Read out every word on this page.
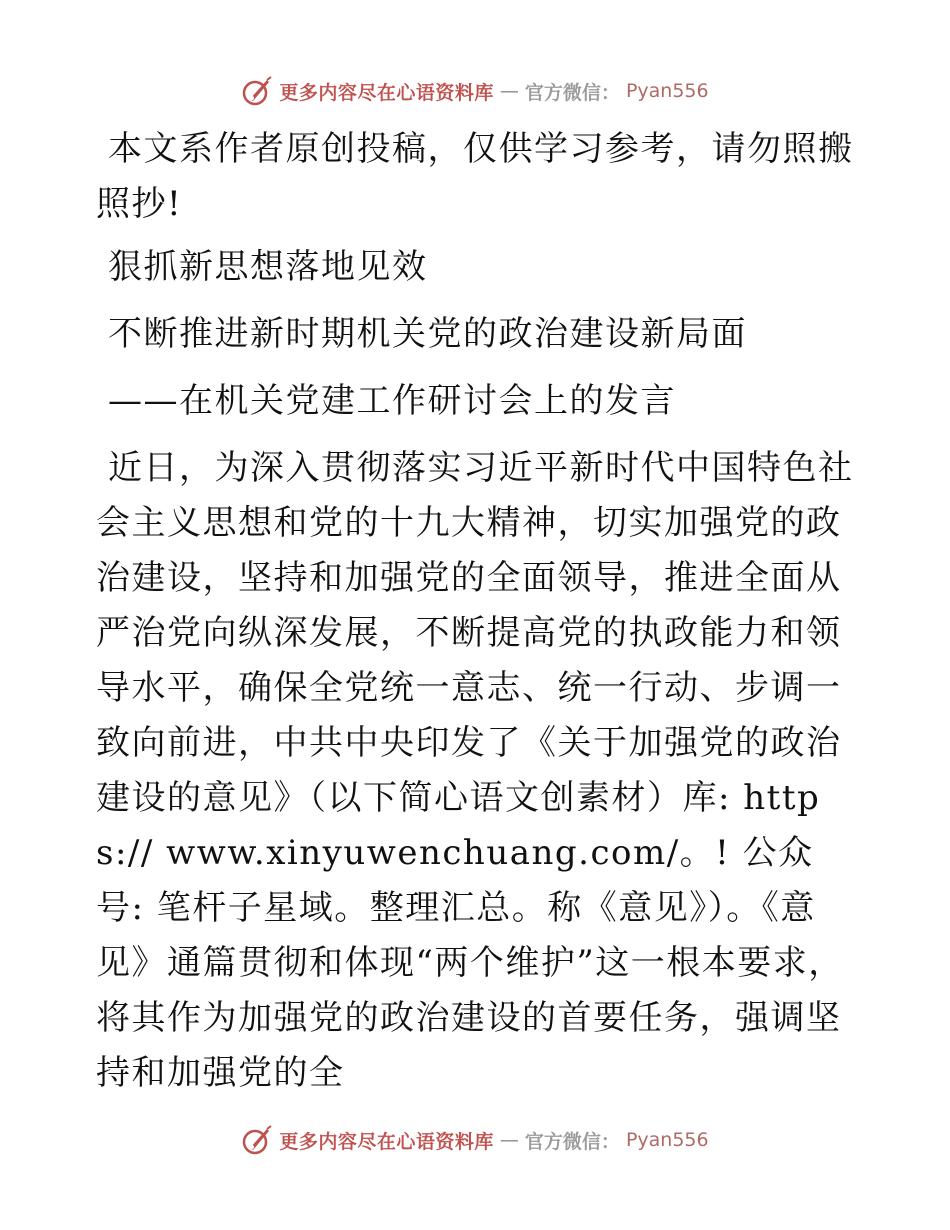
更多内容尽在心语资料库 — 官方微信： Pyan556

本文系作者原创投稿，仅供学习参考，请勿照搬照抄!

狠抓新思想落地见效

不断推进新时期机关党的政治建设新局面

——在机关党建工作研讨会上的发言

近日，为深入贯彻落实习近平新时代中国特色社会主义思想和党的十九大精神，切实加强党的政治建设，坚持和加强党的全面领导，推进全面从严治党向纵深发展，不断提高党的执政能力和领导水平，确保全党统一意志、统一行动、步调一致向前进，中共中央印发了《关于加强党的政治建设的意见》（以下简心语文创素材）库: https:// www.xinyuwenchuang.com/。! 公众号: 笔杆子星域。整理汇总。称《意见》）。《意见》通篇贯彻和体现“两个维护”这一根本要求，将其作为加强党的政治建设的首要任务，强调坚持和加强党的全

更多内容尽在心语资料库 — 官方微信： Pyan556
